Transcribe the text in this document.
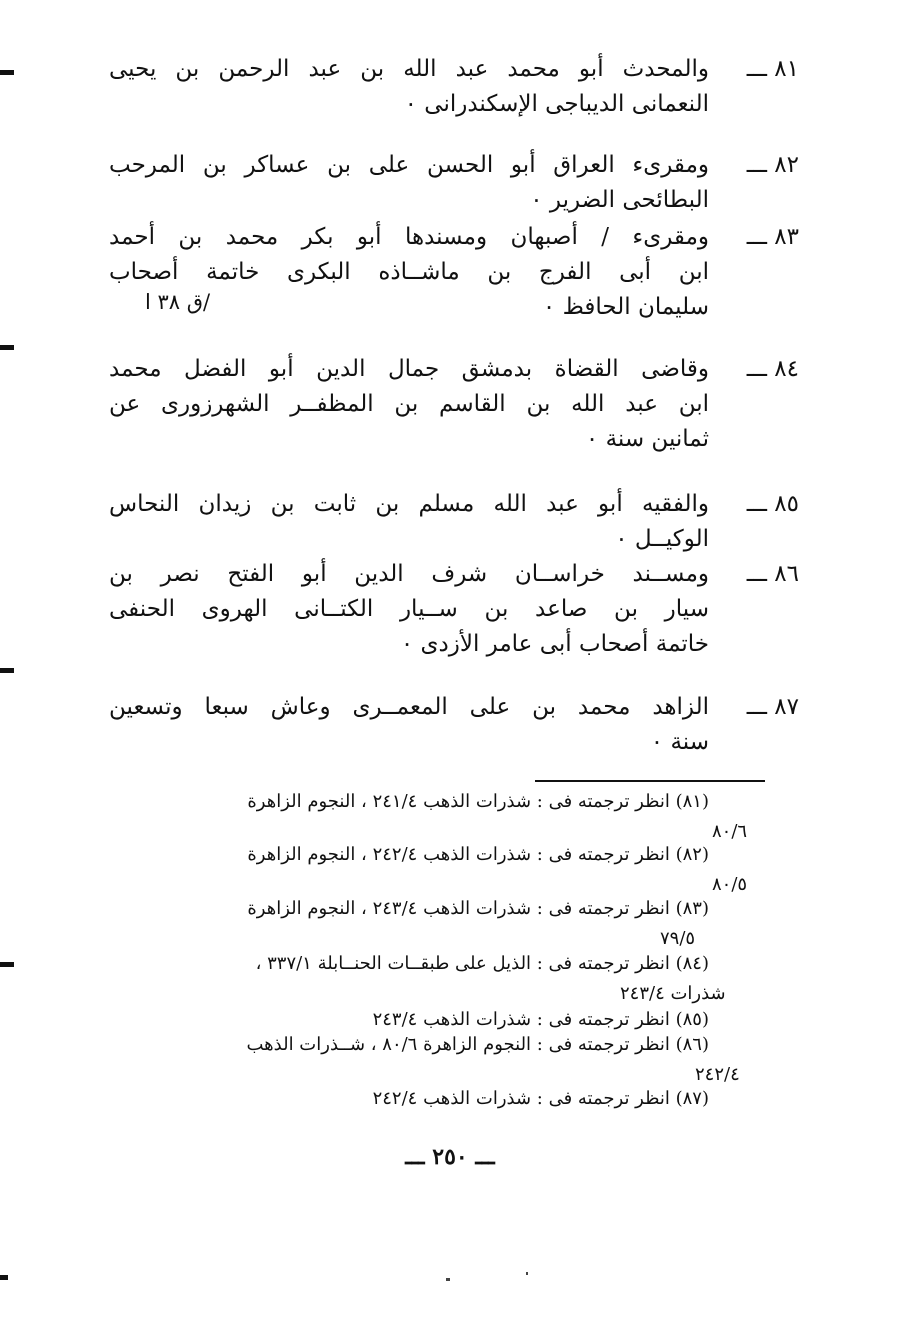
٨١ ـــ
والمحدث أبو محمد عبد الله بن عبد الرحمن بن يحيى
النعمانى الديباجى الإسكندرانى ٠
٨٢ ـــ
ومقرىء العراق أبو الحسن على بن عساكر بن المرحب
البطائحى الضرير ٠
٨٣ ـــ
ومقرىء / أصبهان ومسندها أبو بكر محمد بن أحمد
ابن أبى الفرج بن ماشــاذه البكرى خاتمة أصحاب
سليمان الحافظ ٠
/ق ٣٨ ا
٨٤ ـــ
وقاضى القضاة بدمشق جمال الدين أبو الفضل محمد
ابن عبد الله بن القاسم بن المظفــر الشهرزورى عن
ثمانين سنة ٠
٨٥ ـــ
والفقيه أبو عبد الله مسلم بن ثابت بن زيدان النحاس
الوكيــل ٠
٨٦ ـــ
ومســند خراســان شرف الدين أبو الفتح نصر بن
سيار بن صاعد بن ســيار الكتــانى الهروى الحنفى
خاتمة أصحاب أبى عامر الأزدى ٠
٨٧ ـــ
الزاهد محمد بن على المعمــرى وعاش سبعا وتسعين
سنة ٠
(٨١) انظر ترجمته فى : شذرات الذهب ٢٤١/٤ ، النجوم الزاهرة
٨٠/٦
(٨٢) انظر ترجمته فى : شذرات الذهب ٢٤٢/٤ ، النجوم الزاهرة
٨٠/٥
(٨٣) انظر ترجمته فى : شذرات الذهب ٢٤٣/٤ ، النجوم الزاهرة
٧٩/٥
(٨٤) انظر ترجمته فى : الذيل على طبقــات الحنــابلة ٣٣٧/١ ،
شذرات ٢٤٣/٤
(٨٥) انظر ترجمته فى : شذرات الذهب ٢٤٣/٤
(٨٦) انظر ترجمته فى : النجوم الزاهرة ٨٠/٦ ، شــذرات الذهب
٢٤٢/٤
(٨٧) انظر ترجمته فى : شذرات الذهب ٢٤٢/٤
ـــ ٢٥٠ ـــ
